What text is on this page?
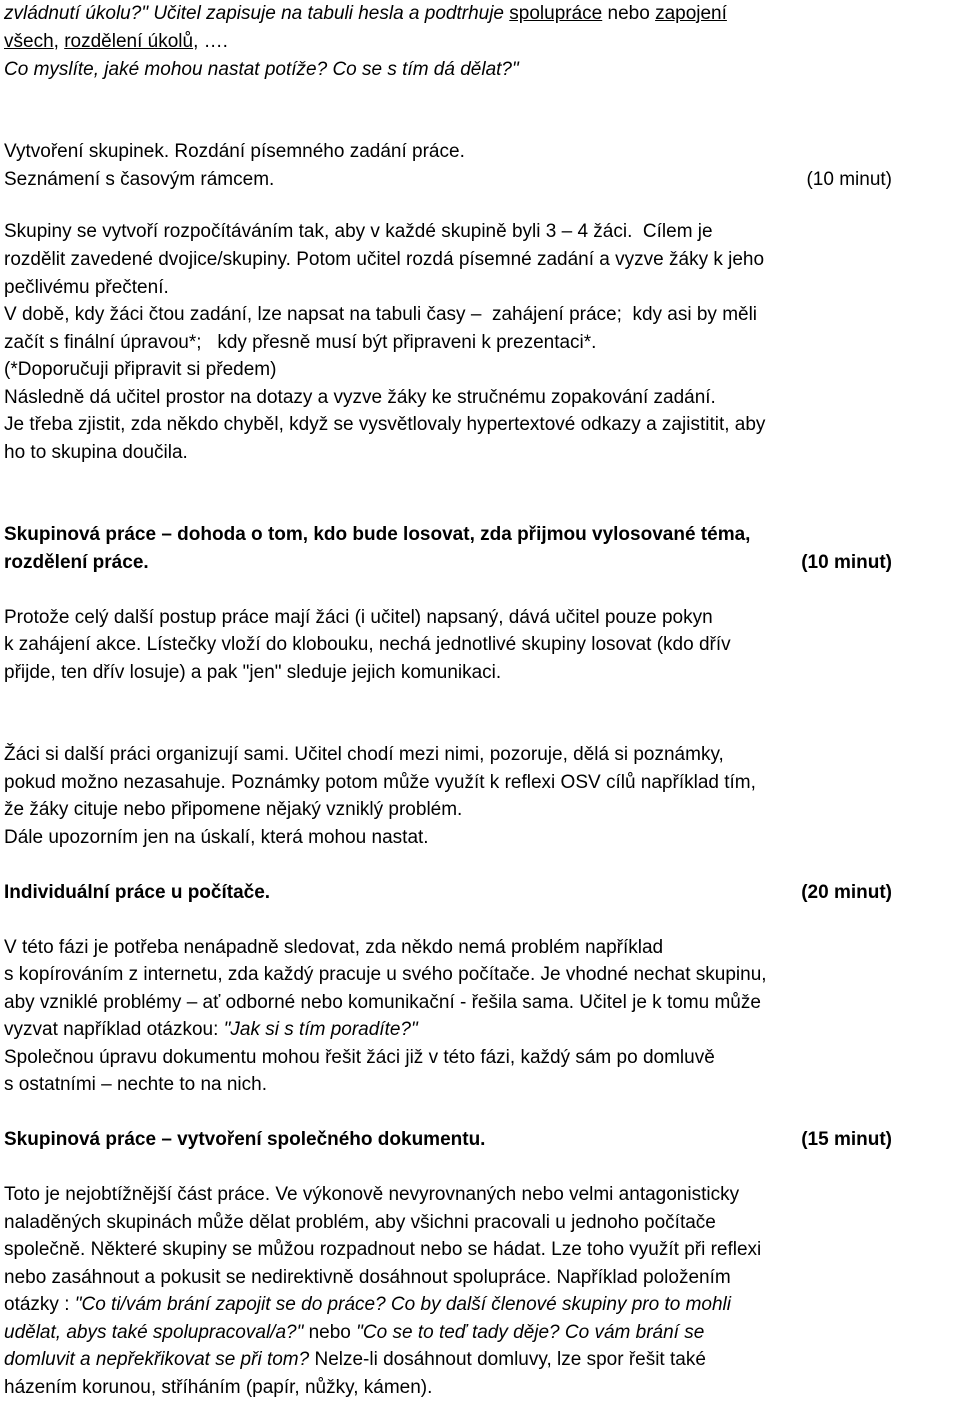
zvládnutí úkolu?" Učitel zapisuje na tabuli hesla a podtrhuje spolupráce nebo zapojení
všech, rozdělení úkolů, ….
Co myslíte, jaké mohou nastat potíže? Co se s tím dá dělat?"
Vytvoření skupinek. Rozdání písemného zadání práce.
Seznámení s časovým rámcem.	(10 minut)
Skupiny se vytvoří rozpočítáváním tak, aby v každé skupině byli 3 – 4 žáci.  Cílem je
rozdělit zavedené dvojice/skupiny. Potom učitel rozdá písemné zadání a vyzve žáky k jeho
pečlivému přečtení.
V době, kdy žáci čtou zadání, lze napsat na tabuli časy –  zahájení práce;  kdy asi by měli
začít s finální úpravou*;   kdy přesně musí být připraveni k prezentaci*.
(*Doporučuji připravit si předem)
Následně dá učitel prostor na dotazy a vyzve žáky ke stručnému zopakování zadání.
Je třeba zjistit, zda někdo chyběl, když se vysvětlovaly hypertextové odkazy a zajistitit, aby
ho to skupina doučila.
Skupinová práce – dohoda o tom, kdo bude losovat, zda přijmou vylosované téma,
rozdělení práce.	(10 minut)
Protože celý další postup práce mají žáci (i učitel) napsaný, dává učitel pouze pokyn
k zahájení akce. Lístečky vloží do klobouku, nechá jednotlivé skupiny losovat (kdo dřív
přijde, ten dřív losuje) a pak "jen" sleduje jejich komunikaci.
Žáci si další práci organizují sami. Učitel chodí mezi nimi, pozoruje, dělá si poznámky,
pokud možno nezasahuje. Poznámky potom může využít k reflexi OSV cílů například tím,
že žáky cituje nebo připomene nějaký vzniklý problém.
Dále upozorním jen na úskalí, která mohou nastat.
Individuální práce u počítače.	(20 minut)
V této fázi je potřeba nenápadně sledovat, zda někdo nemá problém například
s kopírováním z internetu, zda každý pracuje u svého počítače. Je vhodné nechat skupinu,
aby vzniklé problémy – ať odborné nebo komunikační - řešila sama. Učitel je k tomu může
vyzvat například otázkou: "Jak si s tím poradíte?"
Společnou úpravu dokumentu mohou řešit žáci již v této fázi, každý sám po domluvě
s ostatními – nechte to na nich.
Skupinová práce – vytvoření společného dokumentu.	(15 minut)
Toto je nejobtížnější část práce. Ve výkonově nevyrovnaných nebo velmi antagonisticky
naladěných skupinách může dělat problém, aby všichni pracovali u jednoho počítače
společně. Některé skupiny se můžou rozpadnout nebo se hádat. Lze toho využít při reflexi
nebo zasáhnout a pokusit se nedirektivně dosáhnout spolupráce. Například položením
otázky : "Co ti/vám brání zapojit se do práce? Co by další členové skupiny pro to mohli
udělat, abys také spolupracoval/a?" nebo "Co se to teď tady děje? Co vám brání se
domluvit a nepřekřikovat se při tom? Nelze-li dosáhnout domluvy, lze spor řešit také
házením korunou, stříháním (papír, nůžky, kámen).
